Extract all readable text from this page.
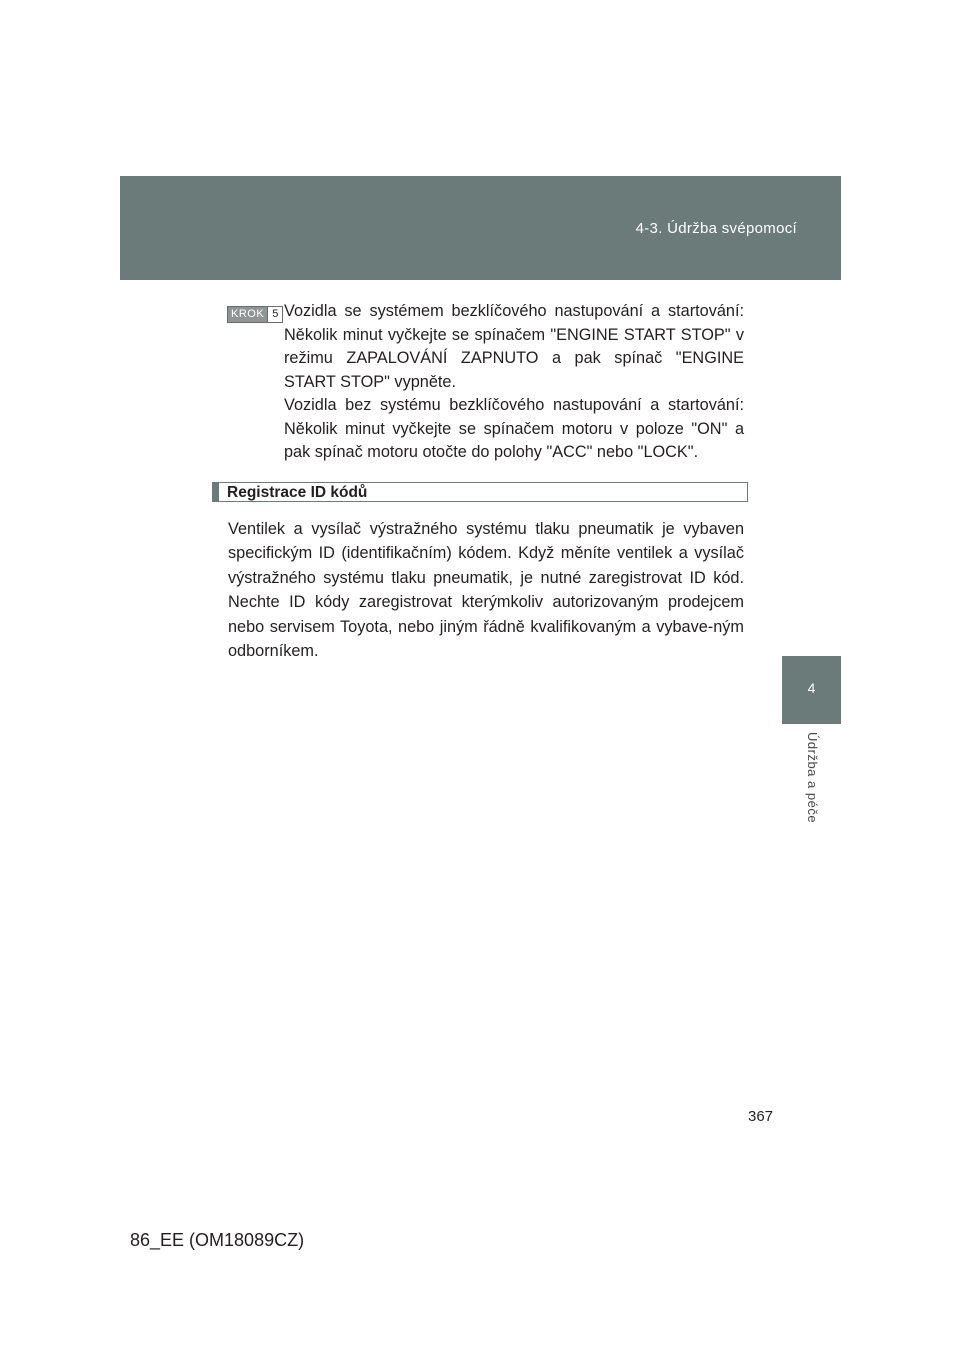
4-3. Údržba svépomocí
4
Údržba a péče
KROK 5 Vozidla se systémem bezklíčového nastupování a startování: Několik minut vyčkejte se spínačem "ENGINE START STOP" v režimu ZAPALOVÁNÍ ZAPNUTO a pak spínač "ENGINE START STOP" vypněte.

Vozidla bez systému bezklíčového nastupování a startování: Několik minut vyčkejte se spínačem motoru v poloze "ON" a pak spínač motoru otočte do polohy "ACC" nebo "LOCK".

Registrace ID kódů

Ventilek a vysílač výstražného systému tlaku pneumatik je vybaven specifickým ID (identifikačním) kódem. Když měníte ventilek a vysílač výstražného systému tlaku pneumatik, je nutné zaregistrovat ID kód. Nechte ID kódy zaregistrovat kterýmkoliv autorizovaným prodejcem nebo servisem Toyota, nebo jiným řádně kvalifikovaným a vybave-ným odborníkem.

367
86_EE (OM18089CZ)
